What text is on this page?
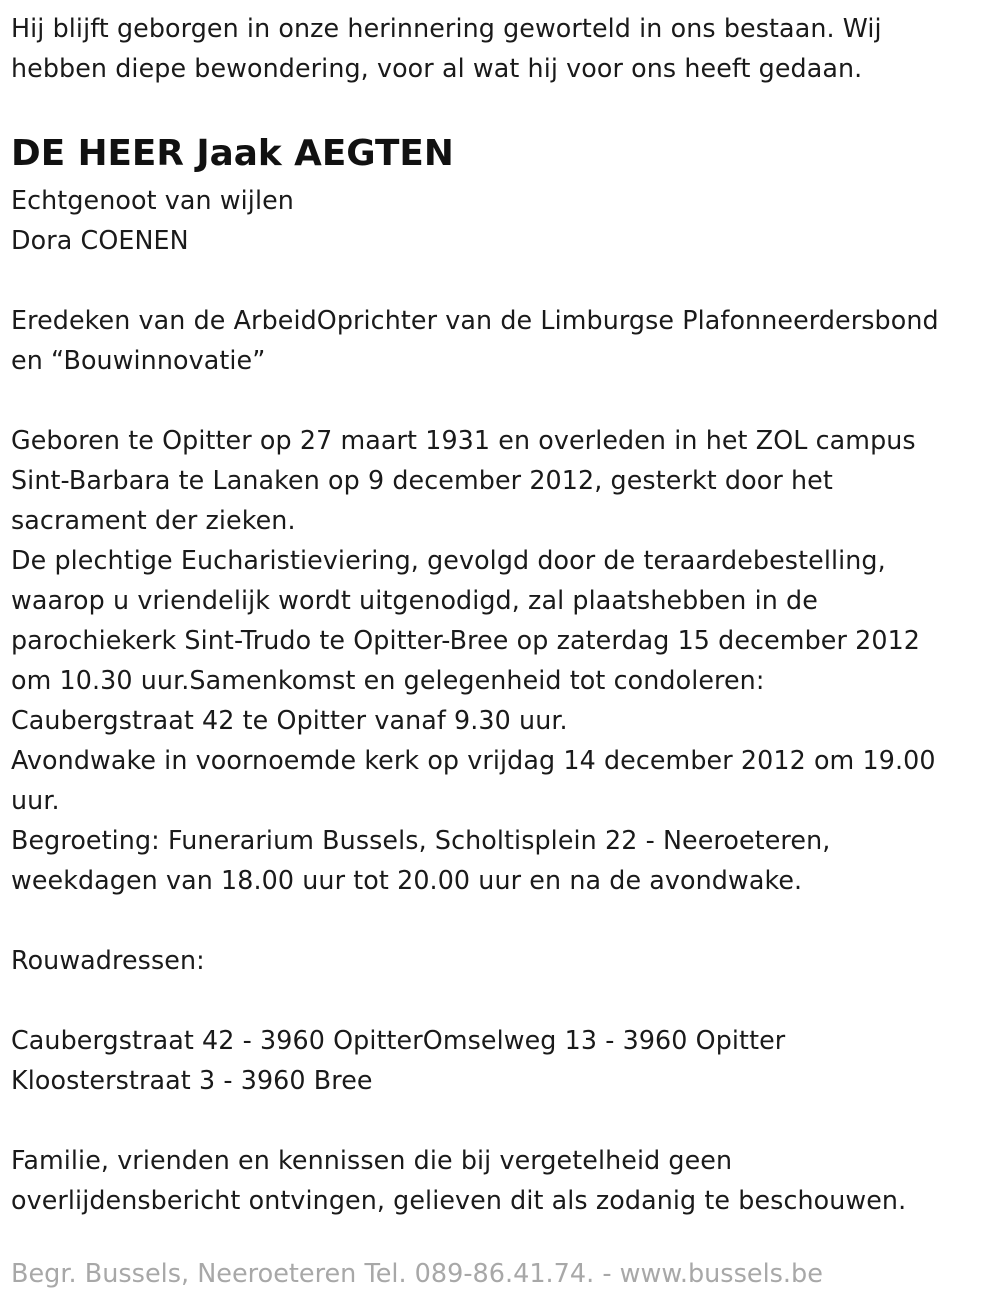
Hij blijft geborgen in onze herinnering geworteld in ons bestaan. Wij
hebben diepe bewondering, voor al wat hij voor ons heeft gedaan.
DE HEER Jaak AEGTEN
Echtgenoot van wijlen
Dora COENEN
Eredeken van de ArbeidOprichter van de Limburgse Plafonneerdersbond
en “Bouwinnovatie”
Geboren te Opitter op 27 maart 1931 en overleden in het ZOL campus
Sint-Barbara te Lanaken op 9 december 2012, gesterkt door het
sacrament der zieken.
De plechtige Eucharistieviering, gevolgd door de teraardebestelling,
waarop u vriendelijk wordt uitgenodigd, zal plaatshebben in de
parochiekerk Sint-Trudo te Opitter-Bree op zaterdag 15 december 2012
om 10.30 uur.Samenkomst en gelegenheid tot condoleren:
Caubergstraat 42 te Opitter vanaf 9.30 uur.
Avondwake in voornoemde kerk op vrijdag 14 december 2012 om 19.00
uur.
Begroeting: Funerarium Bussels, Scholtisplein 22 - Neeroeteren,
weekdagen van 18.00 uur tot 20.00 uur en na de avondwake.
Rouwadressen:
Caubergstraat 42 - 3960 OpitterOmselweg 13 - 3960 Opitter
Kloosterstraat 3 - 3960 Bree
Familie, vrienden en kennissen die bij vergetelheid geen
overlijdensbericht ontvingen, gelieven dit als zodanig te beschouwen.
Begr. Bussels, Neeroeteren Tel. 089-86.41.74. - www.bussels.be
